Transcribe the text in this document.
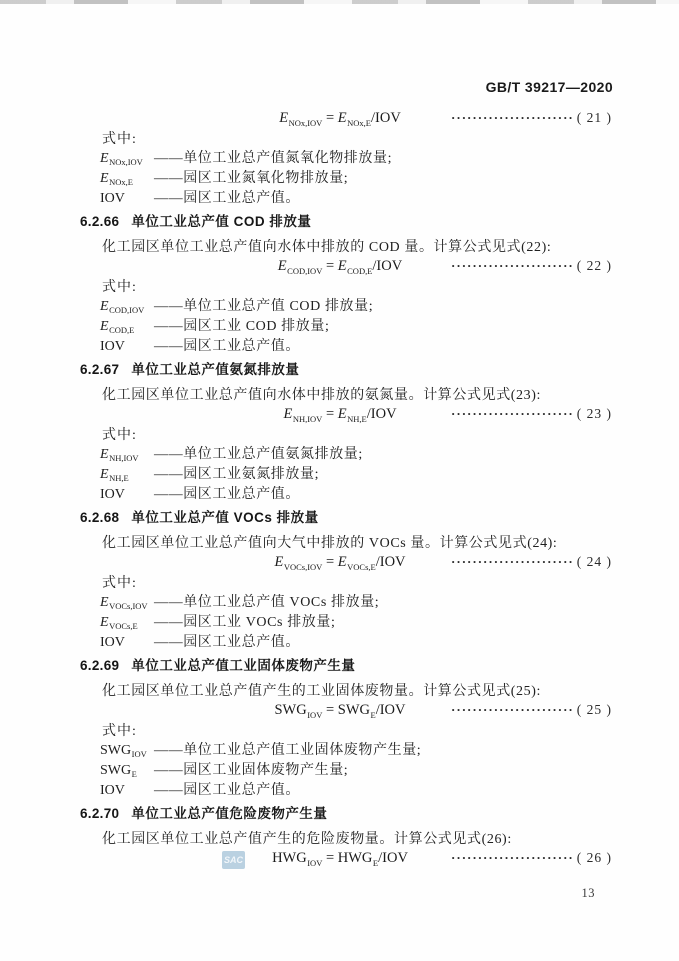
GB/T 39217—2020
$E_{NOx,IOV} = E_{NOx,E}/IOV$	······················· ( 21 )
式中:
$E_{NOx,IOV}$ ——单位工业总产值氮氧化物排放量;
$E_{NOx,E}$	——园区工业氮氧化物排放量;
IOV	——园区工业总产值。
6.2.66 单位工业总产值 COD 排放量
化工园区单位工业总产值向水体中排放的 COD 量。计算公式见式(22):
$E_{COD,IOV} = E_{COD,E}/IOV$	······················· ( 22 )
式中:
$E_{COD,IOV}$ ——单位工业总产值 COD 排放量;
$E_{COD,E}$	——园区工业 COD 排放量;
IOV	——园区工业总产值。
6.2.67 单位工业总产值氨氮排放量
化工园区单位工业总产值向水体中排放的氨氮量。计算公式见式(23):
$E_{NH,IOV} = E_{NH,E}/IOV$	······················· ( 23 )
式中:
$E_{NH,IOV}$	——单位工业总产值氨氮排放量;
$E_{NH,E}$	——园区工业氨氮排放量;
IOV	——园区工业总产值。
6.2.68 单位工业总产值 VOCs 排放量
化工园区单位工业总产值向大气中排放的 VOCs 量。计算公式见式(24):
$E_{VOCs,IOV} = E_{VOCs,E}/IOV$	······················· ( 24 )
式中:
$E_{VOCs,IOV}$ ——单位工业总产值 VOCs 排放量;
$E_{VOCs,E}$	——园区工业 VOCs 排放量;
IOV	——园区工业总产值。
6.2.69 单位工业总产值工业固体废物产生量
化工园区单位工业总产值产生的工业固体废物量。计算公式见式(25):
$SWG_{IOV} = SWG_E/IOV$	······················· ( 25 )
式中:
$SWG_{IOV}$ ——单位工业总产值工业固体废物产生量;
$SWG_E$	——园区工业固体废物产生量;
IOV	——园区工业总产值。
6.2.70 单位工业总产值危险废物产生量
化工园区单位工业总产值产生的危险废物量。计算公式见式(26):
$HWG_{IOV} = HWG_E/IOV$	······················· ( 26 )
SAC
13
